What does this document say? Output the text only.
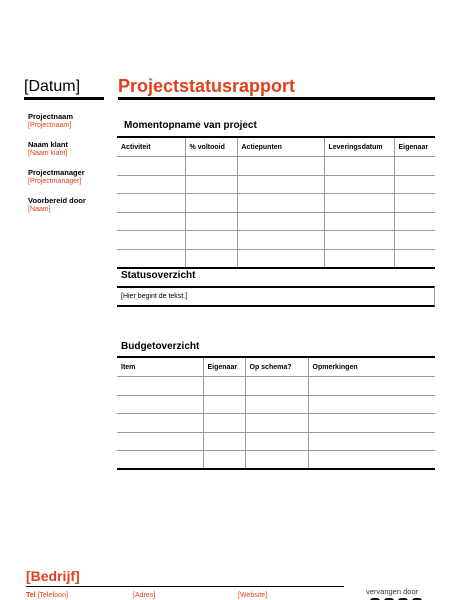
[Datum] Projectstatusrapport
Projectnaam
[Projectnaam]
Naam klant
[Naam klant]
Projectmanager
[Projectmanager]
Voorbereid door
[Naam]
Momentopname van project
Activiteit	% voltooid	Actiepunten	Leveringsdatum	Eigenaar

Statusoverzicht
[Hier begint de tekst.]
Budgetoverzicht
Item	Eigenaar	Op schema?	Opmerkingen

[Bedrijf]
Tel [Telefoon]	[Adres]	[Website]	vervangen door
